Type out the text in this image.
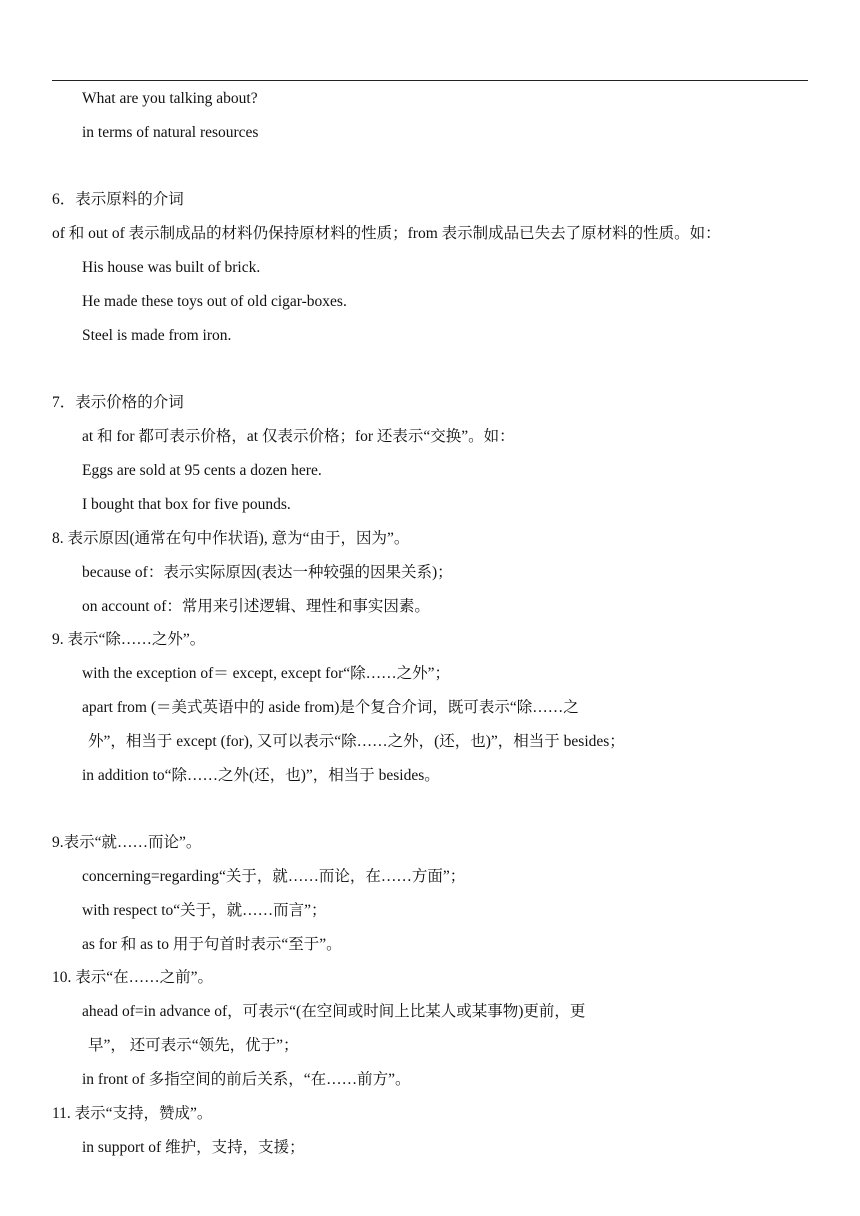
What are you talking about?
in terms of natural resources
6．表示原料的介词
of 和 out of 表示制成品的材料仍保持原材料的性质；from 表示制成品已失去了原材料的性质。如：
His house was built of brick.
He made these toys out of old cigar-boxes.
Steel is made from iron.
7．表示价格的介词
at 和 for 都可表示价格，at 仅表示价格；for 还表示“交换”。如：
Eggs are sold at 95 cents a dozen here.
I bought that box for five pounds.
8. 表示原因(通常在句中作状语), 意为“由于，因为”。
because of：表示实际原因(表达一种较强的因果关系)；
on account of：常用来引述逻辑、理性和事实因素。
9. 表示“除……之外”。
with the exception of＝ except, except for“除……之外”；
apart from (＝美式英语中的 aside from)是个复合介词，既可表示“除……之
外”，相当于 except (for), 又可以表示“除……之外，(还，也)”，相当于 besides；
in addition to“除……之外(还，也)”，相当于 besides。
9.表示“就……而论”。
concerning=regarding“关于，就……而论，在……方面”；
with respect to“关于，就……而言”；
as for 和 as to 用于句首时表示“至于”。
10. 表示“在……之前”。
ahead of=in advance of，可表示“(在空间或时间上比某人或某事物)更前，更
早”， 还可表示“领先，优于”；
in front of 多指空间的前后关系，“在……前方”。
11. 表示“支持，赞成”。
in support of 维护，支持，支援；
